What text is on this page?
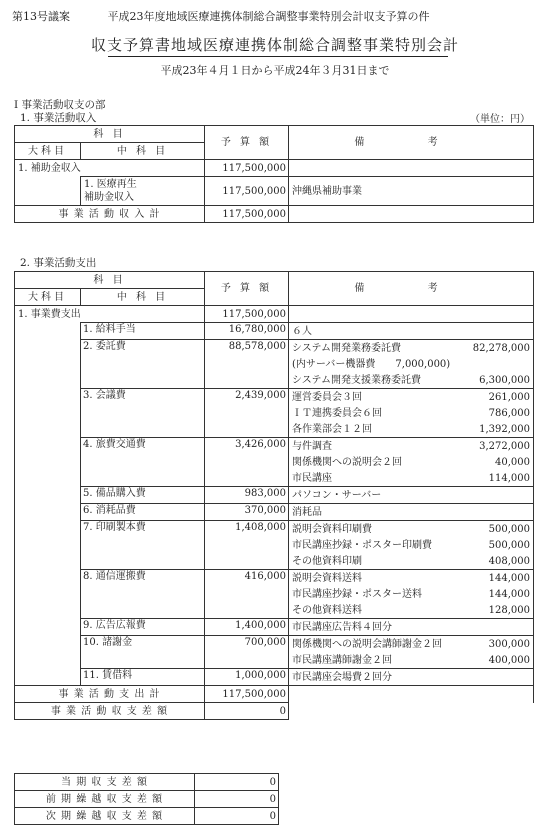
第13号議案	平成23年度地域医療連携体制総合調整事業特別会計収支予算の件
収支予算書地域医療連携体制総合調整事業特別会計
平成23年４月１日から平成24年３月31日まで
Ⅰ 事業活動収支の部
1. 事業活動収入	（単位：円）
科 目		予 算 額	備 考
大科目	中 科 目		
1. 補助金収入		117,500,000	
	1. 医療再生
補助金収入	117,500,000	沖縄県補助事業
事 業 活 動 収 入 計		117,500,000	
2. 事業活動支出
科 目		予 算 額	備 考
大科目	中 科 目		
1. 事業費支出		117,500,000	
	1. 給料手当	16,780,000	６人

	2. 委託費	88,578,000	システム開発業務委託費 82,278,000

			(内サーバー機器費　　7,000,000)

			システム開発支援業務委託費 6,300,000

	3. 会議費	2,439,000	運営委員会３回 261,000

			ＩＴ連携委員会６回 786,000

			各作業部会１２回 1,392,000

	4. 旅費交通費	3,426,000	与件調査 3,272,000

			関係機関への説明会２回 40,000

			市民講座 114,000

	5. 備品購入費	983,000	パソコン・サーバー

	6. 消耗品費	370,000	消耗品

	7. 印刷製本費	1,408,000	説明会資料印刷費 500,000

			市民講座抄録・ポスター印刷費 500,000

			その他資料印刷 408,000

	8. 通信運搬費	416,000	説明会資料送料 144,000

			市民講座抄録・ポスター送料 144,000

			その他資料送料 128,000

	9. 広告広報費	1,400,000	市民講座広告料４回分

	10. 諸謝金	700,000	関係機関への説明会講師謝金２回 300,000

			市民講座講師謝金２回 400,000

	11. 賃借料	1,000,000	市民講座会場費２回分

事 業 活 動 支 出 計		117,500,000	
事 業 活 動 収 支 差 額		0	
当 期 収 支 差 額	0
前 期 繰 越 収 支 差 額	0
次 期 繰 越 収 支 差 額	0
